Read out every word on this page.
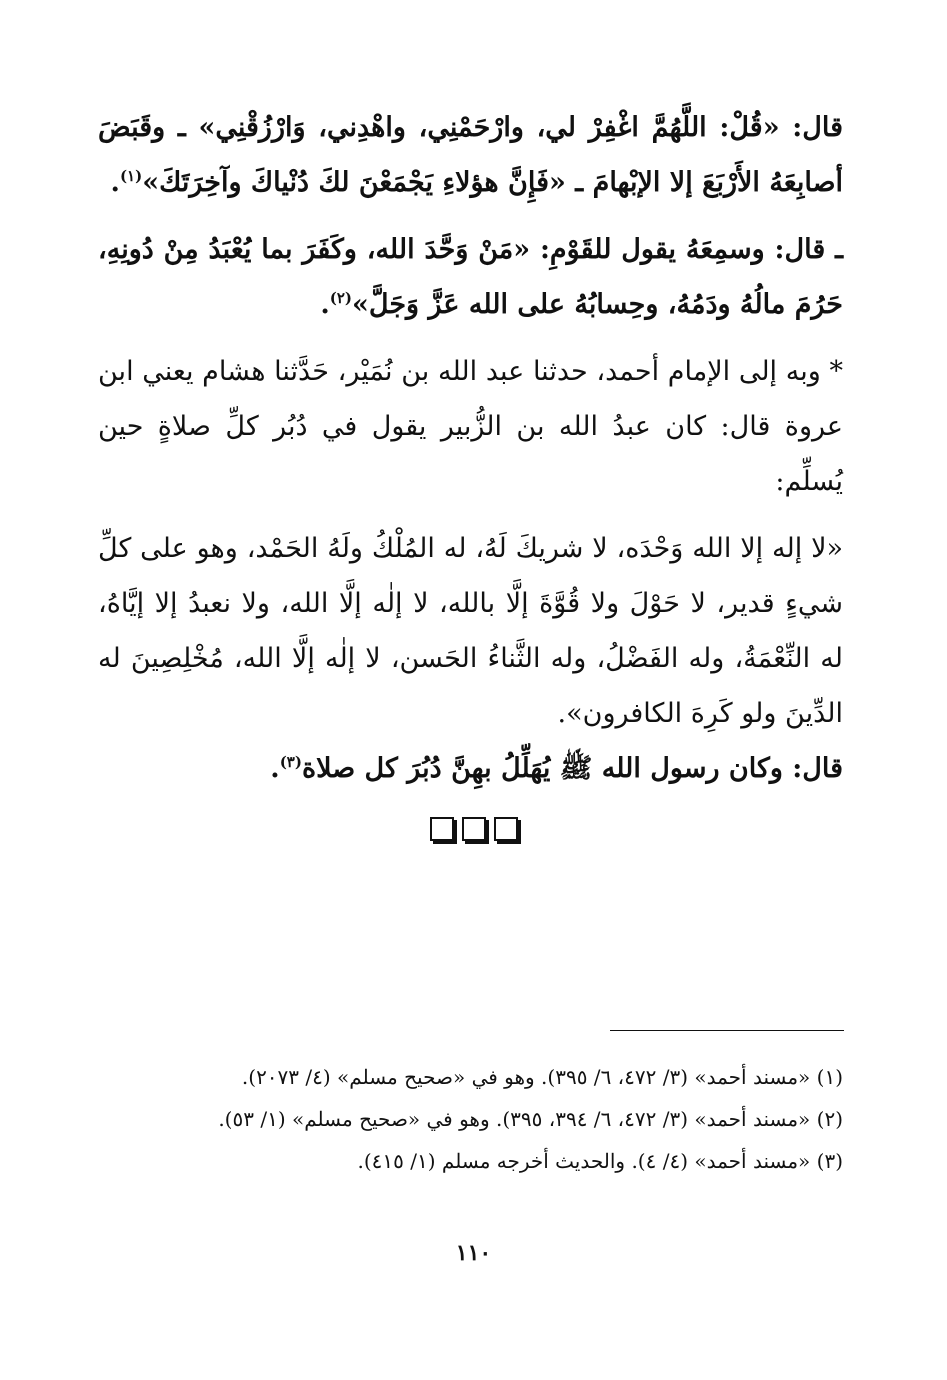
قال: «قُلْ: اللَّهُمَّ اغْفِرْ لي، وارْحَمْنِي، واهْدِني، وَارْزُقْنِي» ـ وقَبَضَ أصابِعَهُ الأَرْبَعَ إلا الإبْهامَ ـ «فَإِنَّ هؤلاءِ يَجْمَعْنَ لكَ دُنْياكَ وآخِرَتَكَ»$^{(١)}$.

ـ قال: وسمِعَهُ يقول للقَوْمِ: «مَنْ وَحَّدَ الله، وكَفَرَ بما يُعْبَدُ مِنْ دُونِهِ، حَرُمَ مالُهُ ودَمُهُ، وحِسابُهُ على الله عَزَّ وَجَلَّ»$^{(٢)}$.

* وبه إلى الإمام أحمد، حدثنا عبد الله بن نُمَيْر، حَدَّثنا هشام يعني ابن عروة قال: كان عبدُ الله بن الزُّبير يقول في دُبُر كلِّ صلاةٍ حين يُسلِّم:

«لا إله إلا الله وَحْدَه، لا شريكَ لَهُ، له المُلْكُ ولَهُ الحَمْد، وهو على كلِّ شيءٍ قدير، لا حَوْلَ ولا قُوَّةَ إلَّا بالله، لا إلٰه إلَّا الله، ولا نعبدُ إلا إيَّاهُ، له النِّعْمَةُ، وله الفَضْلُ، وله الثَّناءُ الحَسن، لا إلٰه إلَّا الله، مُخْلِصِينَ له الدِّينَ ولو كَرِهَ الكافرون».

قال: وكان رسول الله ﷺ يُهَلِّلُ بهِنَّ دُبُرَ كل صلاة$^{(٣)}$.

(١) «مسند أحمد» (٣/ ٤٧٢، ٦/ ٣٩٥). وهو في «صحيح مسلم» (٤/ ٢٠٧٣).

(٢) «مسند أحمد» (٣/ ٤٧٢، ٦/ ٣٩٤، ٣٩٥). وهو في «صحيح مسلم» (١/ ٥٣).

(٣) «مسند أحمد» (٤/ ٤). والحديث أخرجه مسلم (١/ ٤١٥).

١١٠
